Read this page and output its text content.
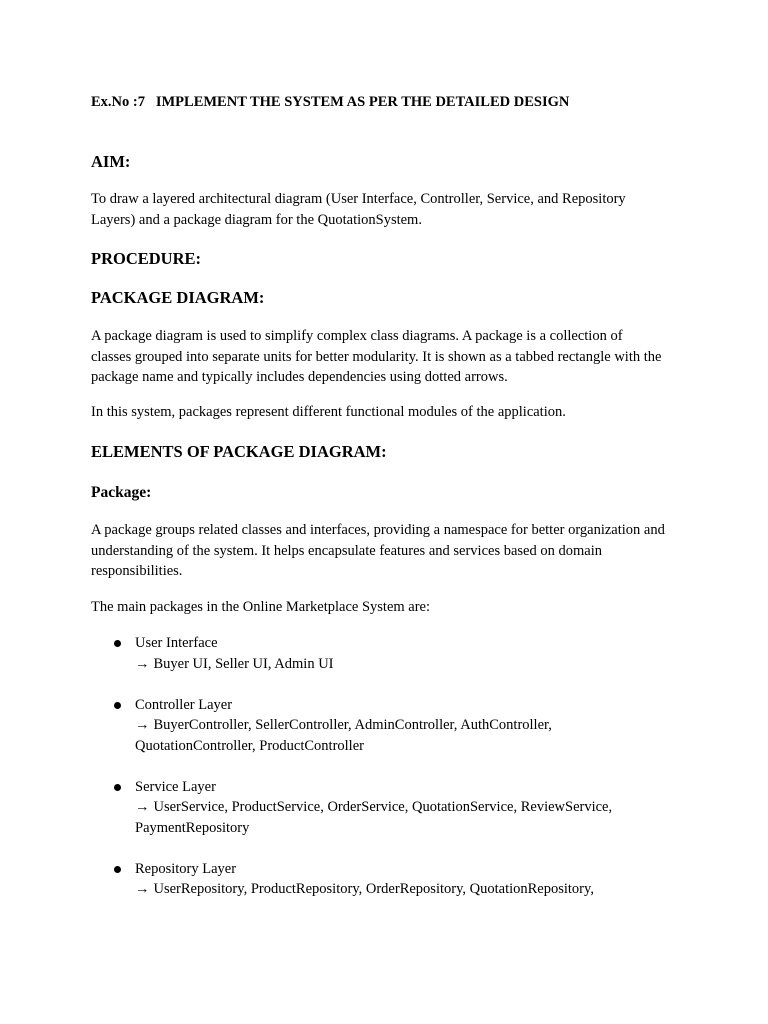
Ex.No :7   IMPLEMENT THE SYSTEM AS PER THE DETAILED DESIGN
AIM:
To draw a layered architectural diagram (User Interface, Controller, Service, and Repository Layers) and a package diagram for the QuotationSystem.
PROCEDURE:
PACKAGE DIAGRAM:
A package diagram is used to simplify complex class diagrams. A package is a collection of classes grouped into separate units for better modularity. It is shown as a tabbed rectangle with the package name and typically includes dependencies using dotted arrows.
In this system, packages represent different functional modules of the application.
ELEMENTS OF PACKAGE DIAGRAM:
Package:
A package groups related classes and interfaces, providing a namespace for better organization and understanding of the system. It helps encapsulate features and services based on domain responsibilities.
The main packages in the Online Marketplace System are:
User Interface
→ Buyer UI, Seller UI, Admin UI
Controller Layer
→ BuyerController, SellerController, AdminController, AuthController, QuotationController, ProductController
Service Layer
→ UserService, ProductService, OrderService, QuotationService, ReviewService, PaymentRepository
Repository Layer
→ UserRepository, ProductRepository, OrderRepository, QuotationRepository,
